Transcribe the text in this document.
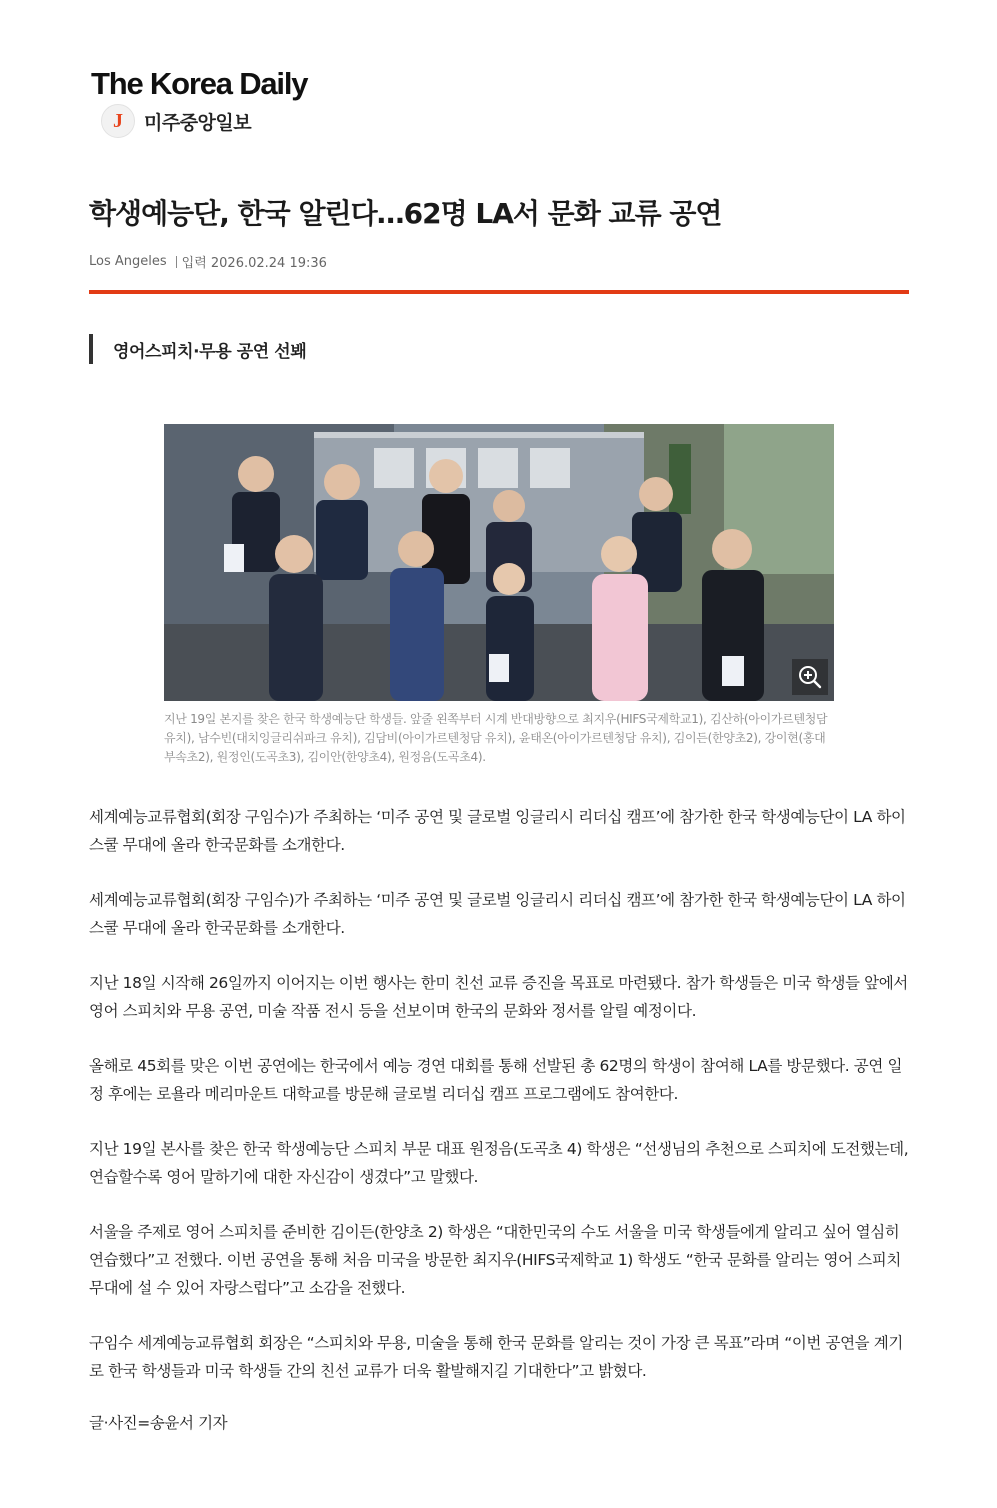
The Korea Daily
J	미주중앙일보
학생예능단, 한국 알린다…62명 LA서 문화 교류 공연
Los Angeles 입력 2026.02.24 19:36
영어스피치·무용 공연 선봬

지난 19일 본지를 찾은 한국 학생예능단 학생들. 앞줄 왼쪽부터 시계 반대방향으로 최지우(HIFS국제학교1), 김산하(아이가르텐청담 유치), 남수빈(대치잉글리쉬파크 유치), 김담비(아이가르텐청담 유치), 윤태온(아이가르텐청담 유치), 김이든(한양초2), 강이현(홍대부속초2), 원정인(도곡초3), 김이안(한양초4), 원정음(도곡초4).

세계예능교류협회(회장 구임수)가 주최하는 ‘미주 공연 및 글로벌 잉글리시 리더십 캠프’에 참가한 한국 학생예능단이 LA 하이스쿨 무대에 올라 한국문화를 소개한다.

세계예능교류협회(회장 구임수)가 주최하는 ‘미주 공연 및 글로벌 잉글리시 리더십 캠프’에 참가한 한국 학생예능단이 LA 하이스쿨 무대에 올라 한국문화를 소개한다.

지난 18일 시작해 26일까지 이어지는 이번 행사는 한미 친선 교류 증진을 목표로 마련됐다. 참가 학생들은 미국 학생들 앞에서 영어 스피치와 무용 공연, 미술 작품 전시 등을 선보이며 한국의 문화와 정서를 알릴 예정이다.

올해로 45회를 맞은 이번 공연에는 한국에서 예능 경연 대회를 통해 선발된 총 62명의 학생이 참여해 LA를 방문했다. 공연 일정 후에는 로욜라 메리마운트 대학교를 방문해 글로벌 리더십 캠프 프로그램에도 참여한다.

지난 19일 본사를 찾은 한국 학생예능단 스피치 부문 대표 원정음(도곡초 4) 학생은 “선생님의 추천으로 스피치에 도전했는데, 연습할수록 영어 말하기에 대한 자신감이 생겼다”고 말했다.

서울을 주제로 영어 스피치를 준비한 김이든(한양초 2) 학생은 “대한민국의 수도 서울을 미국 학생들에게 알리고 싶어 열심히 연습했다”고 전했다. 이번 공연을 통해 처음 미국을 방문한 최지우(HIFS국제학교 1) 학생도 “한국 문화를 알리는 영어 스피치 무대에 설 수 있어 자랑스럽다”고 소감을 전했다.

구임수 세계예능교류협회 회장은 “스피치와 무용, 미술을 통해 한국 문화를 알리는 것이 가장 큰 목표”라며 “이번 공연을 계기로 한국 학생들과 미국 학생들 간의 친선 교류가 더욱 활발해지길 기대한다”고 밝혔다.

글·사진=송윤서 기자
